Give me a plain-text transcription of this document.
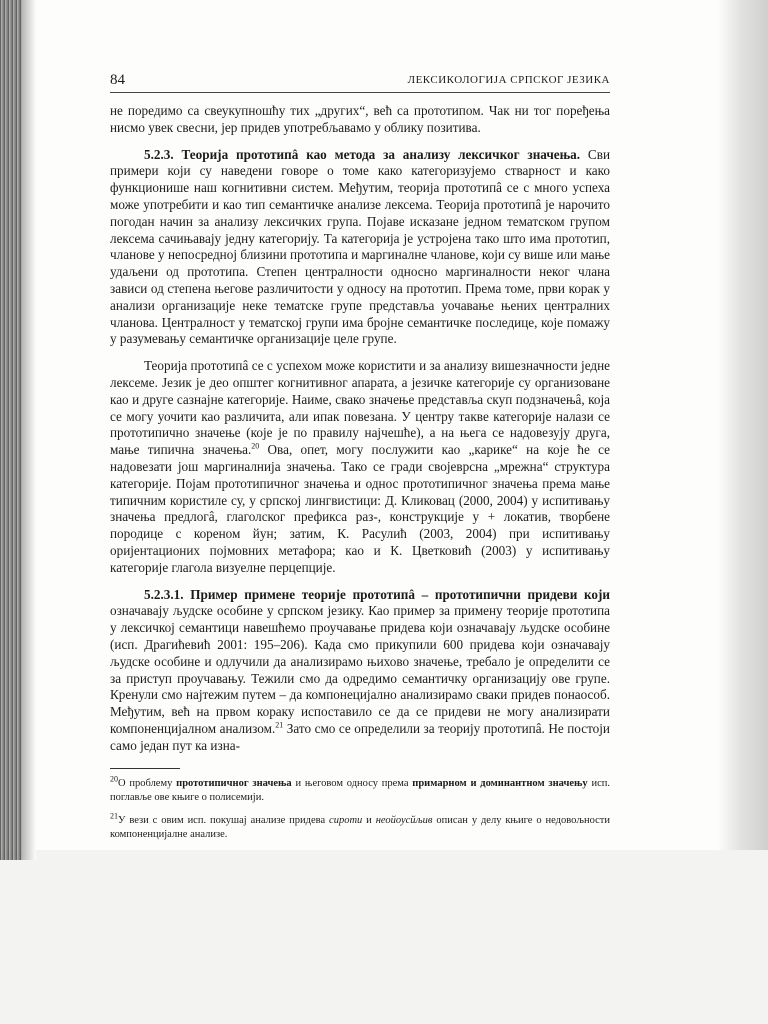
84	ЛЕКСИКОЛОГИЈА СРПСКОГ ЈЕЗИКА

не поредимо са свеукупношћу тих „других“, већ са прототипом. Чак ни тог поређења нисмо увек свесни, јер придев употребљавамо у облику позитива.

5.2.3. Теорија прототипâ као метода за анализу лексичког значења. Сви примери који су наведени говоре о томе како категоризујемо стварност и како функционише наш когнитивни систем. Међутим, теорија прототипâ се с много успеха може употребити и као тип семантичке анализе лексема. Теорија прототипâ је нарочито погодан начин за анализу лексичких група. Појаве исказане једном тематском групом лексема сачињавају једну категорију. Та категорија је устројена тако што има прототип, чланове у непосредној близини прототипа и маргиналне чланове, који су више или мање удаљени од прототипа. Степен централности односно маргиналности неког члана зависи од степена његове различитости у односу на прототип. Према томе, први корак у анализи организације неке тематске групе представља уочавање њених централних чланова. Централност у тематској групи има бројне семантичке последице, које помажу у разумевању семантичке организације целе групе.

Теорија прототипâ се с успехом може користити и за анализу вишезначности једне лексеме. Језик је део општег когнитивног апарата, а језичке категорије су организоване као и друге сазнајне категорије. Наиме, свако значење представља скуп подзначењâ, која се могу уочити као различита, али ипак повезана. У центру такве категорије налази се прототипично значење (које је по правилу најчешће), а на њега се надовезују друга, мање типична значења.$^{20}$ Ова, опет, могу послужити као „карике“ на које ће се надовезати још маргиналнија значења. Тако се гради својеврсна „мрежна“ структура категорије. Појам прототипичног значења и однос прототипичног значења према мање типичним користиле су, у српској лингвистици: Д. Кликовац (2000, 2004) у испитивању значења предлогâ, глаголског префикса раз-, конструкције у + локатив, творбене породице с кореном йун; затим, К. Расулић (2003, 2004) при испитивању оријентационих појмовних метафора; као и К. Цветковић (2003) у испитивању категорије глагола визуелне перцепције.

5.2.3.1. Пример примене теорије прототипâ – прототипични придеви који означавају људске особине у српском језику. Као пример за примену теорије прототипа у лексичкој семантици навешћемо проучавање придева који означавају људске особине (исп. Драгићевић 2001: 195–206). Када смо прикупили 600 придева који означавају људске особине и одлучили да анализирамо њихово значење, требало је определити се за приступ проучавању. Тежили смо да одредимо семантичку организацију ове групе. Кренули смо најтежим путем – да компонецијално анализирамо сваки придев понаособ. Међутим, већ на првом кораку испоставило се да се придеви не могу анализирати компоненцијалном анализом.$^{21}$ Зато смо се определили за теорију прототипâ. Не постоји само један пут ка изна-

$^{20}$О проблему прототипичног значења и његовом односу према примарном и доминантном значењу исп. поглавље ове књиге о полисемији.

$^{21}$У вези с овим исп. покушај анализе придева сироти и неойоусйљив описан у делу књиге о недовољности компоненцијалне анализе.
